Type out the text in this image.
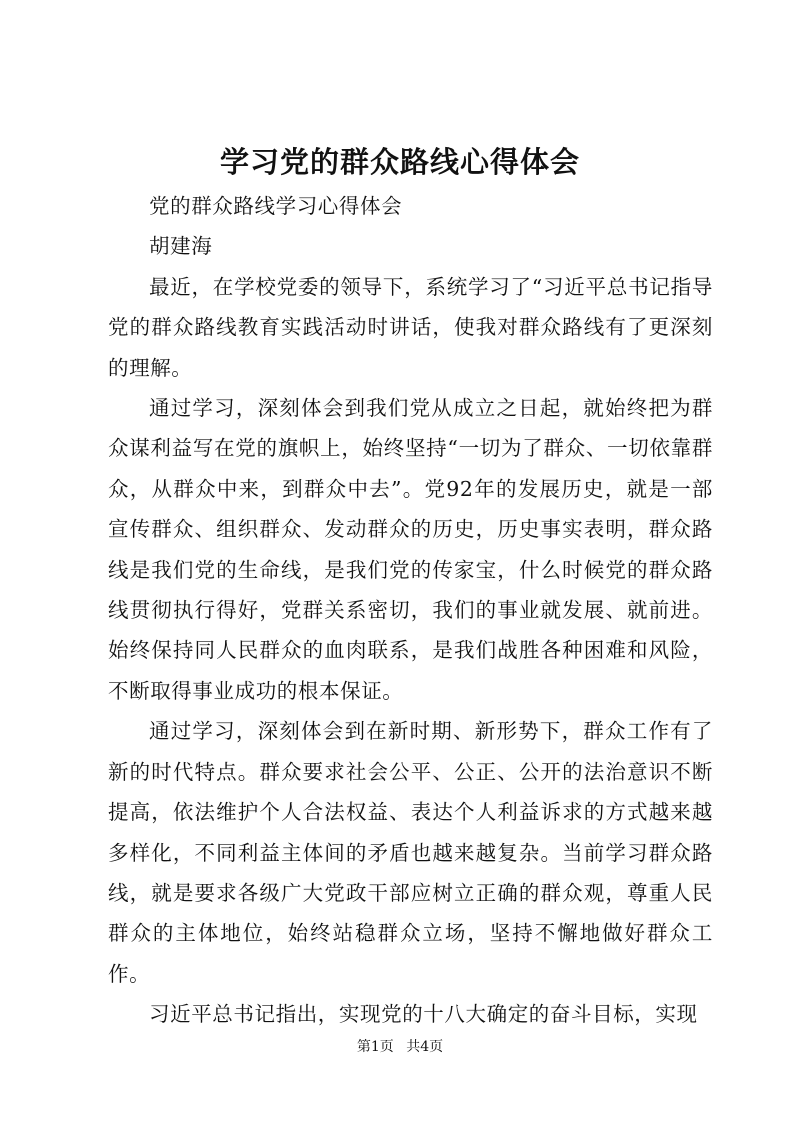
学习党的群众路线心得体会

党的群众路线学习心得体会

胡建海

最近，在学校党委的领导下，系统学习了“习近平总书记指导党的群众路线教育实践活动时讲话，使我对群众路线有了更深刻的理解。

通过学习，深刻体会到我们党从成立之日起，就始终把为群众谋利益写在党的旗帜上，始终坚持“一切为了群众、一切依靠群众，从群众中来，到群众中去”。党92年的发展历史，就是一部宣传群众、组织群众、发动群众的历史，历史事实表明，群众路线是我们党的生命线，是我们党的传家宝，什么时候党的群众路线贯彻执行得好，党群关系密切，我们的事业就发展、就前进。始终保持同人民群众的血肉联系，是我们战胜各种困难和风险，不断取得事业成功的根本保证。

通过学习，深刻体会到在新时期、新形势下，群众工作有了新的时代特点。群众要求社会公平、公正、公开的法治意识不断提高，依法维护个人合法权益、表达个人利益诉求的方式越来越多样化，不同利益主体间的矛盾也越来越复杂。当前学习群众路线，就是要求各级广大党政干部应树立正确的群众观，尊重人民群众的主体地位，始终站稳群众立场，坚持不懈地做好群众工作。

习近平总书记指出，实现党的十八大确定的奋斗目标，实现

第1页 共4页
